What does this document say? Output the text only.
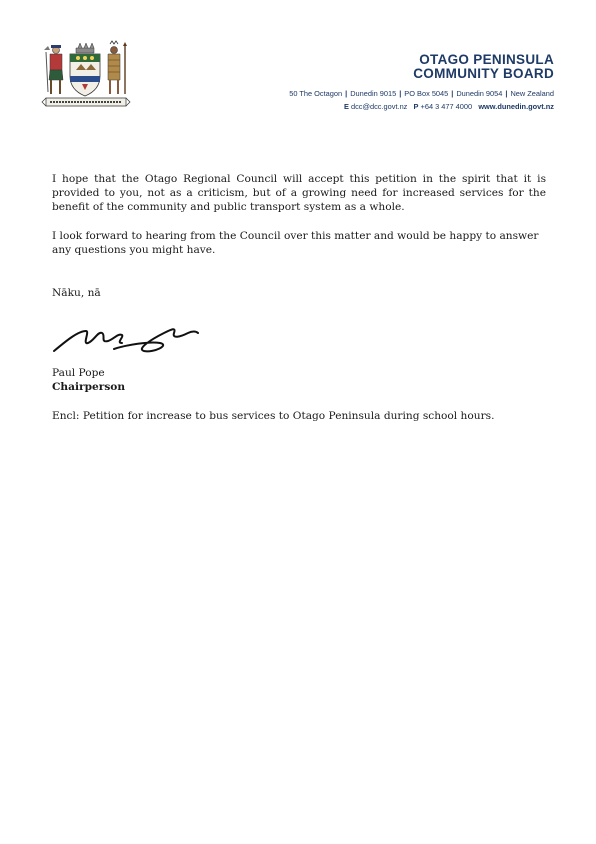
OTAGO PENINSULA
COMMUNITY BOARD
50 The Octagon | Dunedin 9015 | PO Box 5045 | Dunedin 9054 | New Zealand
E dcc@dcc.govt.nz P +64 3 477 4000 www.dunedin.govt.nz

I hope that the Otago Regional Council will accept this petition in the spirit that it is provided to you, not as a criticism, but of a growing need for increased services for the benefit of the community and public transport system as a whole.

I look forward to hearing from the Council over this matter and would be happy to answer any questions you might have.

Nāku, nā

Paul Pope

Chairperson

Encl: Petition for increase to bus services to Otago Peninsula during school hours.
